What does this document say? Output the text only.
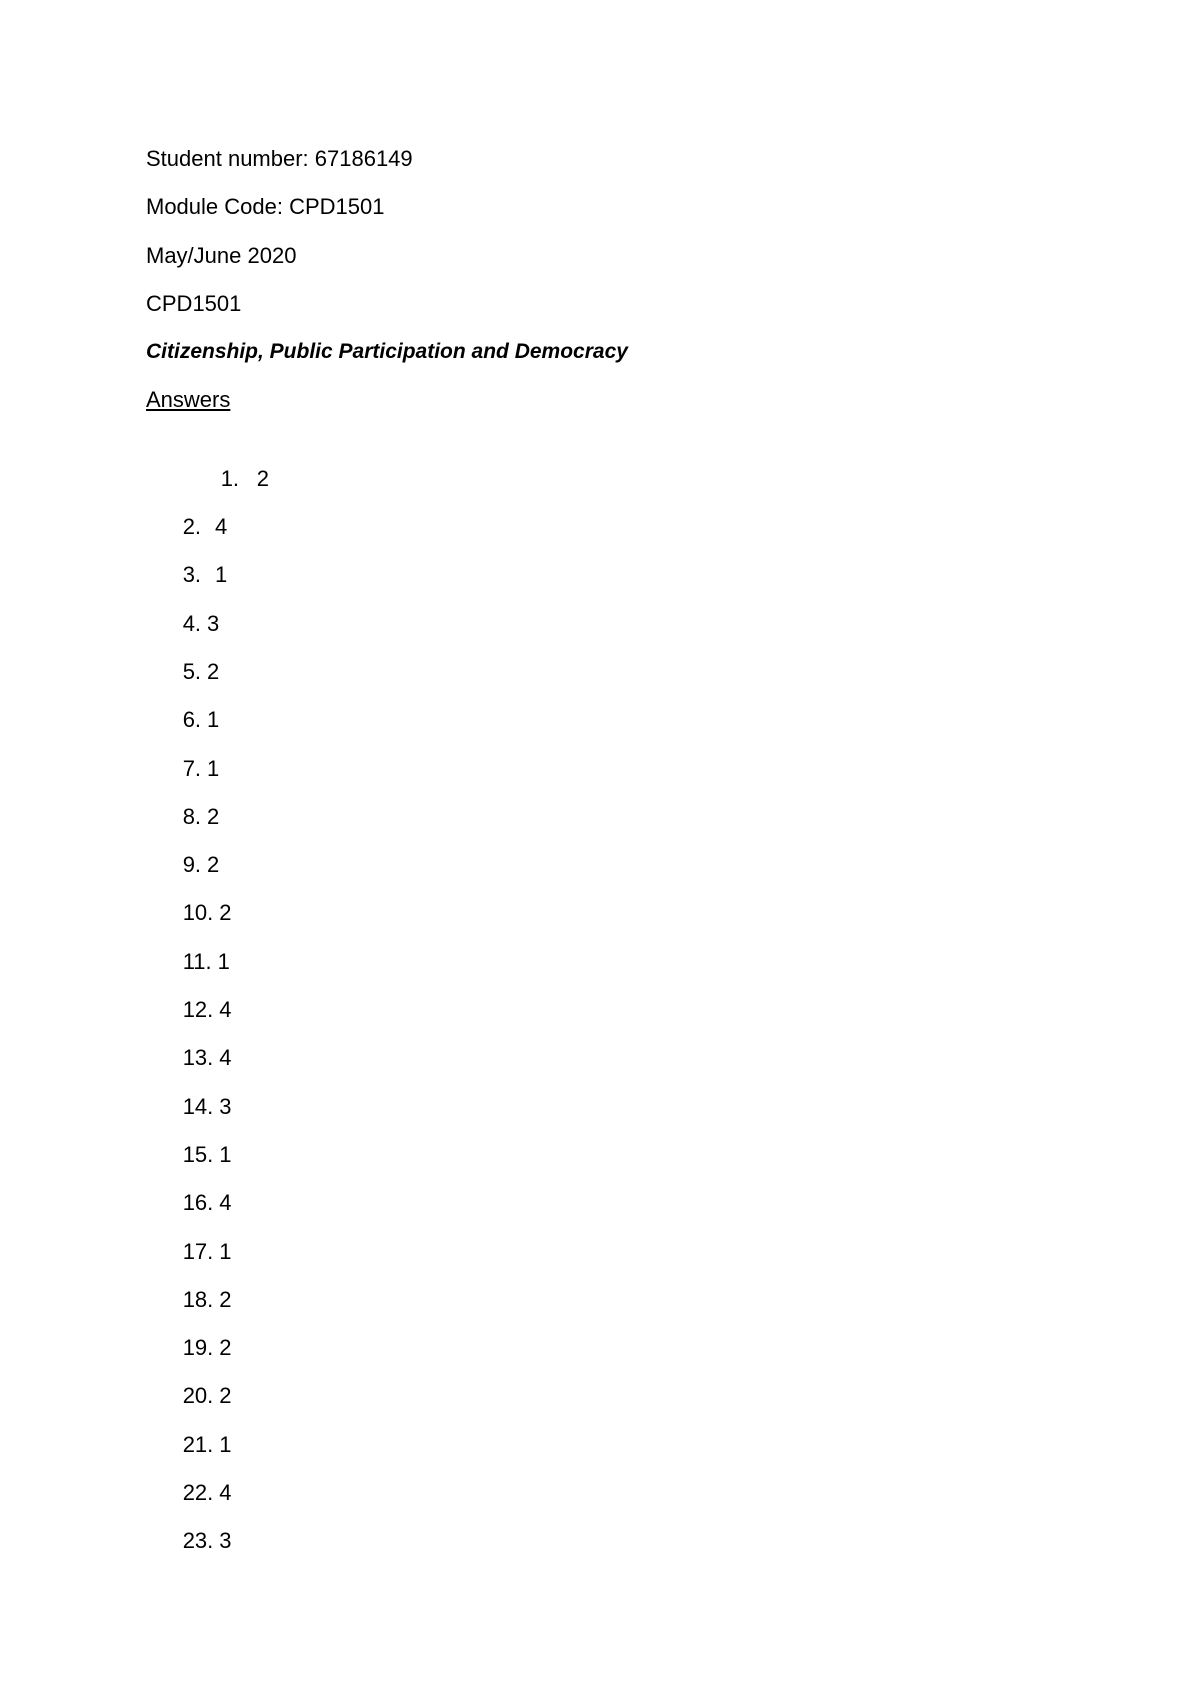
Student number: 67186149
Module Code: CPD1501
May/June 2020
CPD1501
Citizenship, Public Participation and Democracy
Answers

1. 2

2. 4

3. 1

4. 3

5. 2

6. 1

7. 1

8. 2

9. 2

10. 2

11. 1

12. 4

13. 4

14. 3

15. 1

16. 4

17. 1

18. 2

19. 2

20. 2

21. 1

22. 4

23. 3
